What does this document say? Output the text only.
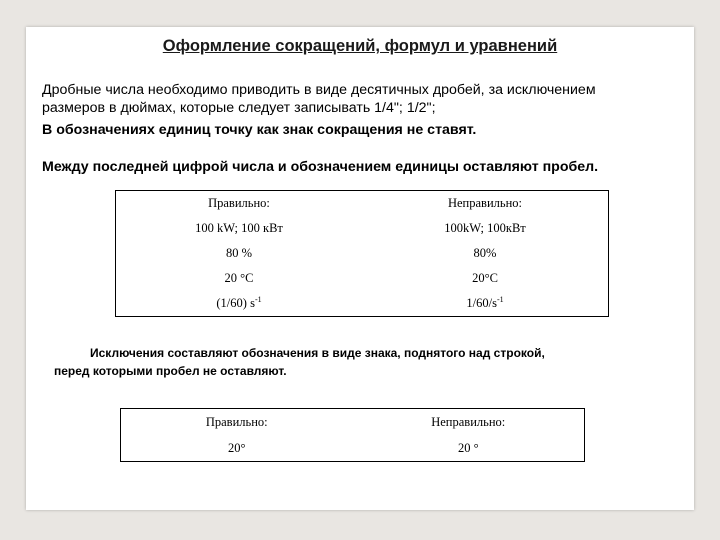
Оформление сокращений, формул и уравнений
Дробные числа необходимо приводить в виде десятичных дробей, за исключением
размеров в дюймах, которые следует записывать 1/4"; 1/2";
В обозначениях единиц точку как знак сокращения не ставят.
Между последней цифрой числа и обозначением единицы оставляют пробел.
Правильно:	Неправильно:
100 kW; 100 кВт	100kW; 100кВт
80 %	80%
20 °С	20°С
(1/60) $s^{-1}$	$1/60/s^{-1}$
Исключения составляют обозначения в виде знака, поднятого над строкой,
перед которыми пробел не оставляют.
Правильно:	Неправильно:
20°	20 °
